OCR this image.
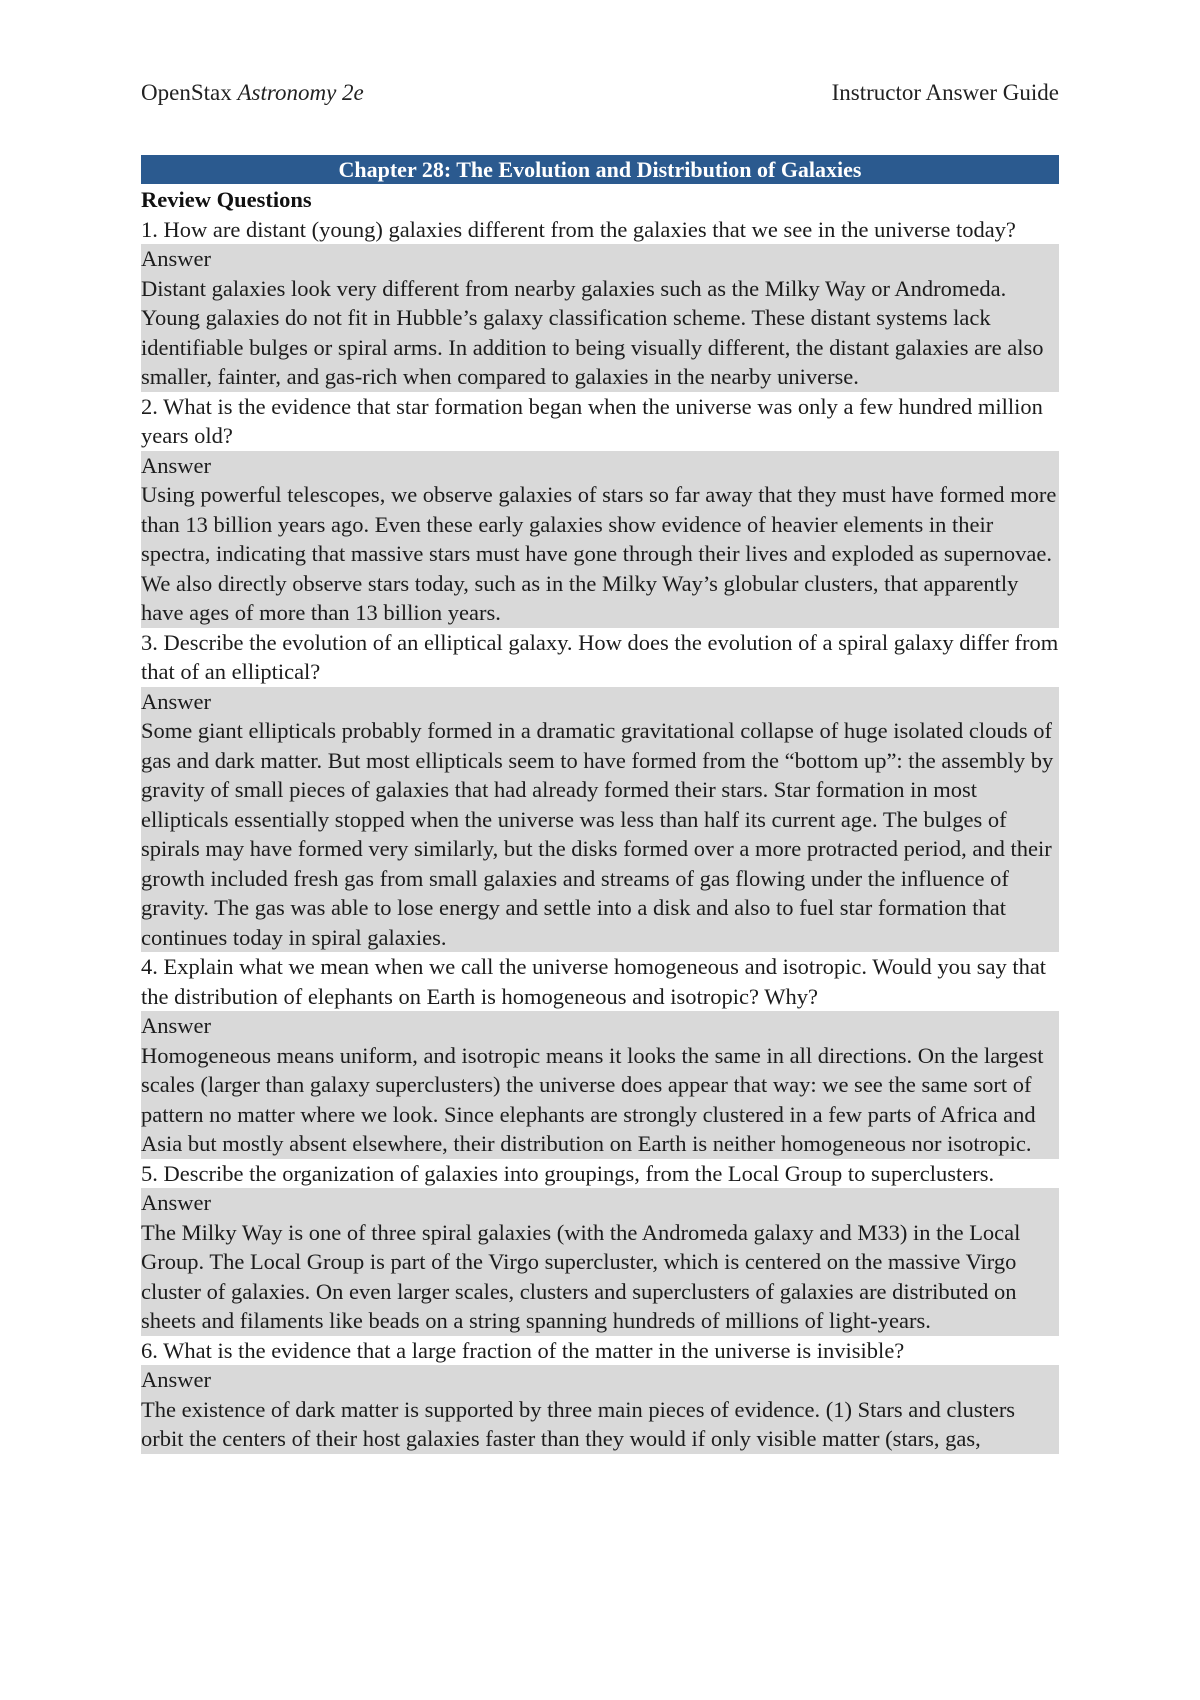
OpenStax Astronomy 2e	Instructor Answer Guide
Chapter 28: The Evolution and Distribution of Galaxies
Review Questions
1. How are distant (young) galaxies different from the galaxies that we see in the universe today?
Answer
Distant galaxies look very different from nearby galaxies such as the Milky Way or Andromeda. Young galaxies do not fit in Hubble’s galaxy classification scheme. These distant systems lack identifiable bulges or spiral arms. In addition to being visually different, the distant galaxies are also smaller, fainter, and gas-rich when compared to galaxies in the nearby universe.
2. What is the evidence that star formation began when the universe was only a few hundred million years old?
Answer
Using powerful telescopes, we observe galaxies of stars so far away that they must have formed more than 13 billion years ago. Even these early galaxies show evidence of heavier elements in their spectra, indicating that massive stars must have gone through their lives and exploded as supernovae. We also directly observe stars today, such as in the Milky Way’s globular clusters, that apparently have ages of more than 13 billion years.
3. Describe the evolution of an elliptical galaxy. How does the evolution of a spiral galaxy differ from that of an elliptical?
Answer
Some giant ellipticals probably formed in a dramatic gravitational collapse of huge isolated clouds of gas and dark matter. But most ellipticals seem to have formed from the “bottom up”: the assembly by gravity of small pieces of galaxies that had already formed their stars. Star formation in most ellipticals essentially stopped when the universe was less than half its current age. The bulges of spirals may have formed very similarly, but the disks formed over a more protracted period, and their growth included fresh gas from small galaxies and streams of gas flowing under the influence of gravity. The gas was able to lose energy and settle into a disk and also to fuel star formation that continues today in spiral galaxies.
4. Explain what we mean when we call the universe homogeneous and isotropic. Would you say that the distribution of elephants on Earth is homogeneous and isotropic? Why?
Answer
Homogeneous means uniform, and isotropic means it looks the same in all directions. On the largest scales (larger than galaxy superclusters) the universe does appear that way: we see the same sort of pattern no matter where we look. Since elephants are strongly clustered in a few parts of Africa and Asia but mostly absent elsewhere, their distribution on Earth is neither homogeneous nor isotropic.
5. Describe the organization of galaxies into groupings, from the Local Group to superclusters.
Answer
The Milky Way is one of three spiral galaxies (with the Andromeda galaxy and M33) in the Local Group. The Local Group is part of the Virgo supercluster, which is centered on the massive Virgo cluster of galaxies. On even larger scales, clusters and superclusters of galaxies are distributed on sheets and filaments like beads on a string spanning hundreds of millions of light-years.
6. What is the evidence that a large fraction of the matter in the universe is invisible?
Answer
The existence of dark matter is supported by three main pieces of evidence. (1) Stars and clusters orbit the centers of their host galaxies faster than they would if only visible matter (stars, gas,
